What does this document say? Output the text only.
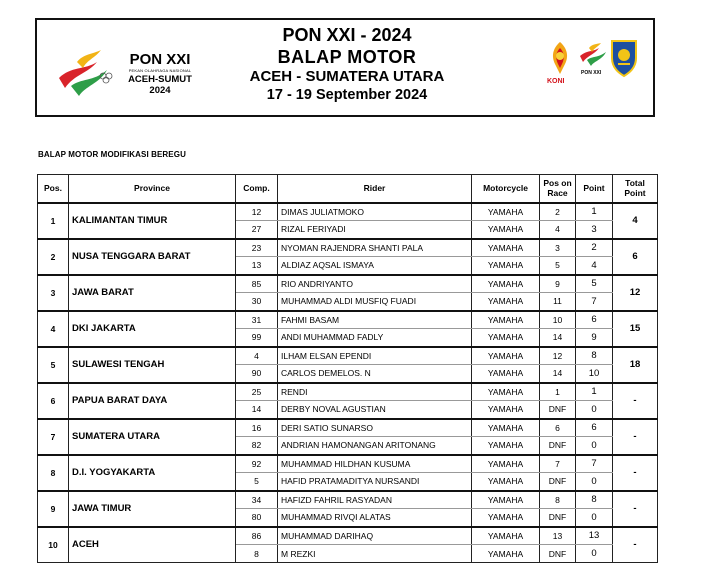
PON XXI
PEKAN OLAHRAGA NASIONAL
ACEH-SUMUT
2024
PON XXI - 2024
BALAP MOTOR
ACEH - SUMATERA UTARA
17 - 19 September 2024
KONI
PON XXI
BALAP MOTOR MODIFIKASI BEREGU
Pos.	Province	Comp.	Rider	Motorcycle	Pos on Race	Point	Total Point
1	KALIMANTAN TIMUR	12	DIMAS JULIATMOKO	YAMAHA	2	1	4
		27	RIZAL FERIYADI	YAMAHA	4	3	
2	NUSA TENGGARA BARAT	23	NYOMAN RAJENDRA SHANTI PALA	YAMAHA	3	2	6
		13	ALDIAZ AQSAL ISMAYA	YAMAHA	5	4	
3	JAWA BARAT	85	RIO ANDRIYANTO	YAMAHA	9	5	12
		30	MUHAMMAD ALDI MUSFIQ FUADI	YAMAHA	11	7	
4	DKI JAKARTA	31	FAHMI BASAM	YAMAHA	10	6	15
		99	ANDI MUHAMMAD FADLY	YAMAHA	14	9	
5	SULAWESI TENGAH	4	ILHAM ELSAN EPENDI	YAMAHA	12	8	18
		90	CARLOS DEMELOS. N	YAMAHA	14	10	
6	PAPUA BARAT DAYA	25	RENDI	YAMAHA	1	1	-
		14	DERBY NOVAL AGUSTIAN	YAMAHA	DNF	0	
7	SUMATERA UTARA	16	DERI SATIO SUNARSO	YAMAHA	6	6	-
		82	ANDRIAN HAMONANGAN ARITONANG	YAMAHA	DNF	0	
8	D.I. YOGYAKARTA	92	MUHAMMAD HILDHAN KUSUMA	YAMAHA	7	7	-
		5	HAFID PRATAMADITYA NURSANDI	YAMAHA	DNF	0	
9	JAWA TIMUR	34	HAFIZD FAHRIL RASYADAN	YAMAHA	8	8	-
		80	MUHAMMAD RIVQI ALATAS	YAMAHA	DNF	0	
10	ACEH	86	MUHAMMAD DARIHAQ	YAMAHA	13	13	-
		8	M REZKI	YAMAHA	DNF	0	
